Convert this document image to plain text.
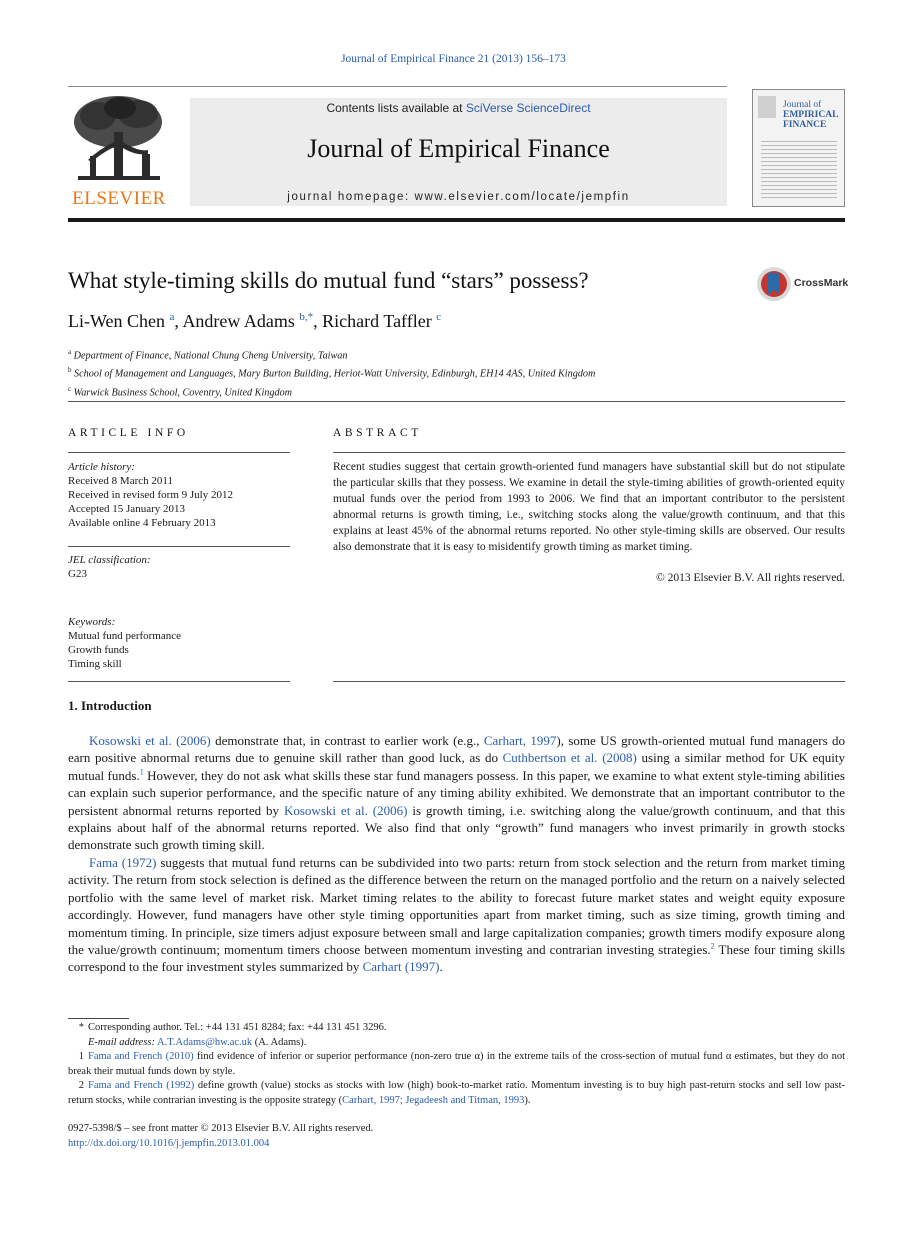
Journal of Empirical Finance 21 (2013) 156–173
ELSEVIER
Contents lists available at SciVerse ScienceDirect
Journal of Empirical Finance
journal homepage: www.elsevier.com/locate/jempfin
Journal of
EMPIRICAL
FINANCE
What style-timing skills do mutual fund “stars” possess?	CrossMark
Li-Wen Chen $^a$, Andrew Adams $^{b,*}$, Richard Taffler $^c$
$^a$ Department of Finance, National Chung Cheng University, Taiwan
$^b$ School of Management and Languages, Mary Burton Building, Heriot-Watt University, Edinburgh, EH14 4AS, United Kingdom
$^c$ Warwick Business School, Coventry, United Kingdom
ARTICLE INFO	ABSTRACT
Article history:
Received 8 March 2011
Received in revised form 9 July 2012
Accepted 15 January 2013
Available online 4 February 2013
JEL classification:
G23
Keywords:
Mutual fund performance
Growth funds
Timing skill
Recent studies suggest that certain growth-oriented fund managers have substantial skill but do not stipulate the particular skills that they possess. We examine in detail the style-timing abilities of growth-oriented equity mutual funds over the period from 1993 to 2006. We find that an important contributor to the persistent abnormal returns is growth timing, i.e., switching stocks along the value/growth continuum, and that this explains at least 45% of the abnormal returns reported. No other style-timing skills are observed. Our results also demonstrate that it is easy to misidentify growth timing as market timing.
© 2013 Elsevier B.V. All rights reserved.
1. Introduction
Kosowski et al. (2006) demonstrate that, in contrast to earlier work (e.g., Carhart, 1997), some US growth-oriented mutual fund managers do earn positive abnormal returns due to genuine skill rather than good luck, as do Cuthbertson et al. (2008) using a similar method for UK equity mutual funds.$^1$ However, they do not ask what skills these star fund managers possess. In this paper, we examine to what extent style-timing abilities can explain such superior performance, and the specific nature of any timing ability exhibited. We demonstrate that an important contributor to the persistent abnormal returns reported by Kosowski et al. (2006) is growth timing, i.e. switching along the value/growth continuum, and that this explains about half of the abnormal returns reported. We also find that only “growth” fund managers who invest primarily in growth stocks demonstrate such growth timing skill.
Fama (1972) suggests that mutual fund returns can be subdivided into two parts: return from stock selection and the return from market timing activity. The return from stock selection is defined as the difference between the return on the managed portfolio and the return on a naively selected portfolio with the same level of market risk. Market timing relates to the ability to forecast future market states and weight equity exposure accordingly. However, fund managers have other style timing opportunities apart from market timing, such as size timing, growth timing and momentum timing. In principle, size timers adjust exposure between small and large capitalization companies; growth timers modify exposure along the value/growth continuum; momentum timers choose between momentum investing and contrarian investing strategies.$^2$ These four timing skills correspond to the four investment styles summarized by Carhart (1997).
* Corresponding author. Tel.: +44 131 451 8284; fax: +44 131 451 3296.
E-mail address: A.T.Adams@hw.ac.uk (A. Adams).
1 Fama and French (2010) find evidence of inferior or superior performance (non-zero true α) in the extreme tails of the cross-section of mutual fund α estimates, but they do not break their mutual funds down by style.
2 Fama and French (1992) define growth (value) stocks as stocks with low (high) book-to-market ratio. Momentum investing is to buy high past-return stocks and sell low past-return stocks, while contrarian investing is the opposite strategy (Carhart, 1997; Jegadeesh and Titman, 1993).
0927-5398/$ – see front matter © 2013 Elsevier B.V. All rights reserved.
http://dx.doi.org/10.1016/j.jempfin.2013.01.004
